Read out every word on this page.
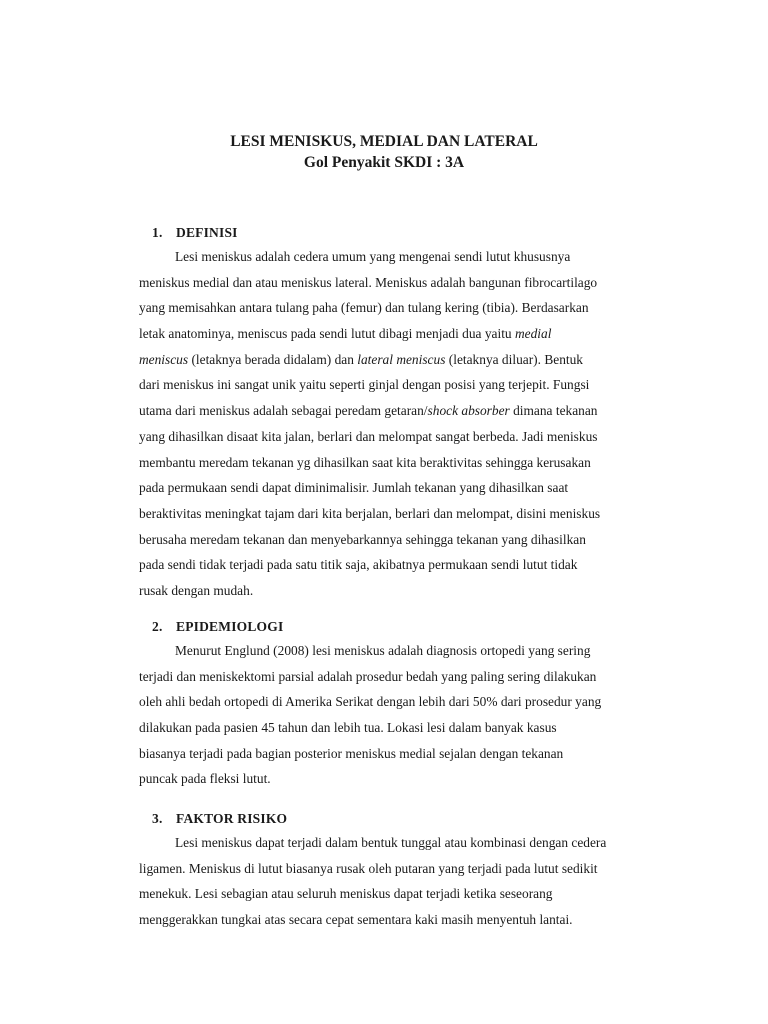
LESI MENISKUS, MEDIAL DAN LATERAL
Gol Penyakit SKDI : 3A
1. DEFINISI
Lesi meniskus adalah cedera umum yang mengenai sendi lutut khususnya
meniskus medial dan atau meniskus lateral. Meniskus adalah bangunan fibrocartilago
yang memisahkan antara tulang paha (femur) dan tulang kering (tibia). Berdasarkan
letak anatominya, meniscus pada sendi lutut dibagi menjadi dua yaitu medial
meniscus (letaknya berada didalam) dan lateral meniscus (letaknya diluar). Bentuk
dari meniskus ini sangat unik yaitu seperti ginjal dengan posisi yang terjepit. Fungsi
utama dari meniskus adalah sebagai peredam getaran/shock absorber dimana tekanan
yang dihasilkan disaat kita jalan, berlari dan melompat sangat berbeda. Jadi meniskus
membantu meredam tekanan yg dihasilkan saat kita beraktivitas sehingga kerusakan
pada permukaan sendi dapat diminimalisir. Jumlah tekanan yang dihasilkan saat
beraktivitas meningkat tajam dari kita berjalan, berlari dan melompat, disini meniskus
berusaha meredam tekanan dan menyebarkannya sehingga tekanan yang dihasilkan
pada sendi tidak terjadi pada satu titik saja, akibatnya permukaan sendi lutut tidak
rusak dengan mudah.
2. EPIDEMIOLOGI
Menurut Englund (2008) lesi meniskus adalah diagnosis ortopedi yang sering
terjadi dan meniskektomi parsial adalah prosedur bedah yang paling sering dilakukan
oleh ahli bedah ortopedi di Amerika Serikat dengan lebih dari 50% dari prosedur yang
dilakukan pada pasien 45 tahun dan lebih tua. Lokasi lesi dalam banyak kasus
biasanya terjadi pada bagian posterior meniskus medial sejalan dengan tekanan
puncak pada fleksi lutut.
3. FAKTOR RISIKO
Lesi meniskus dapat terjadi dalam bentuk tunggal atau kombinasi dengan cedera
ligamen. Meniskus di lutut biasanya rusak oleh putaran yang terjadi pada lutut sedikit
menekuk. Lesi sebagian atau seluruh meniskus dapat terjadi ketika seseorang
menggerakkan tungkai atas secara cepat sementara kaki masih menyentuh lantai.
